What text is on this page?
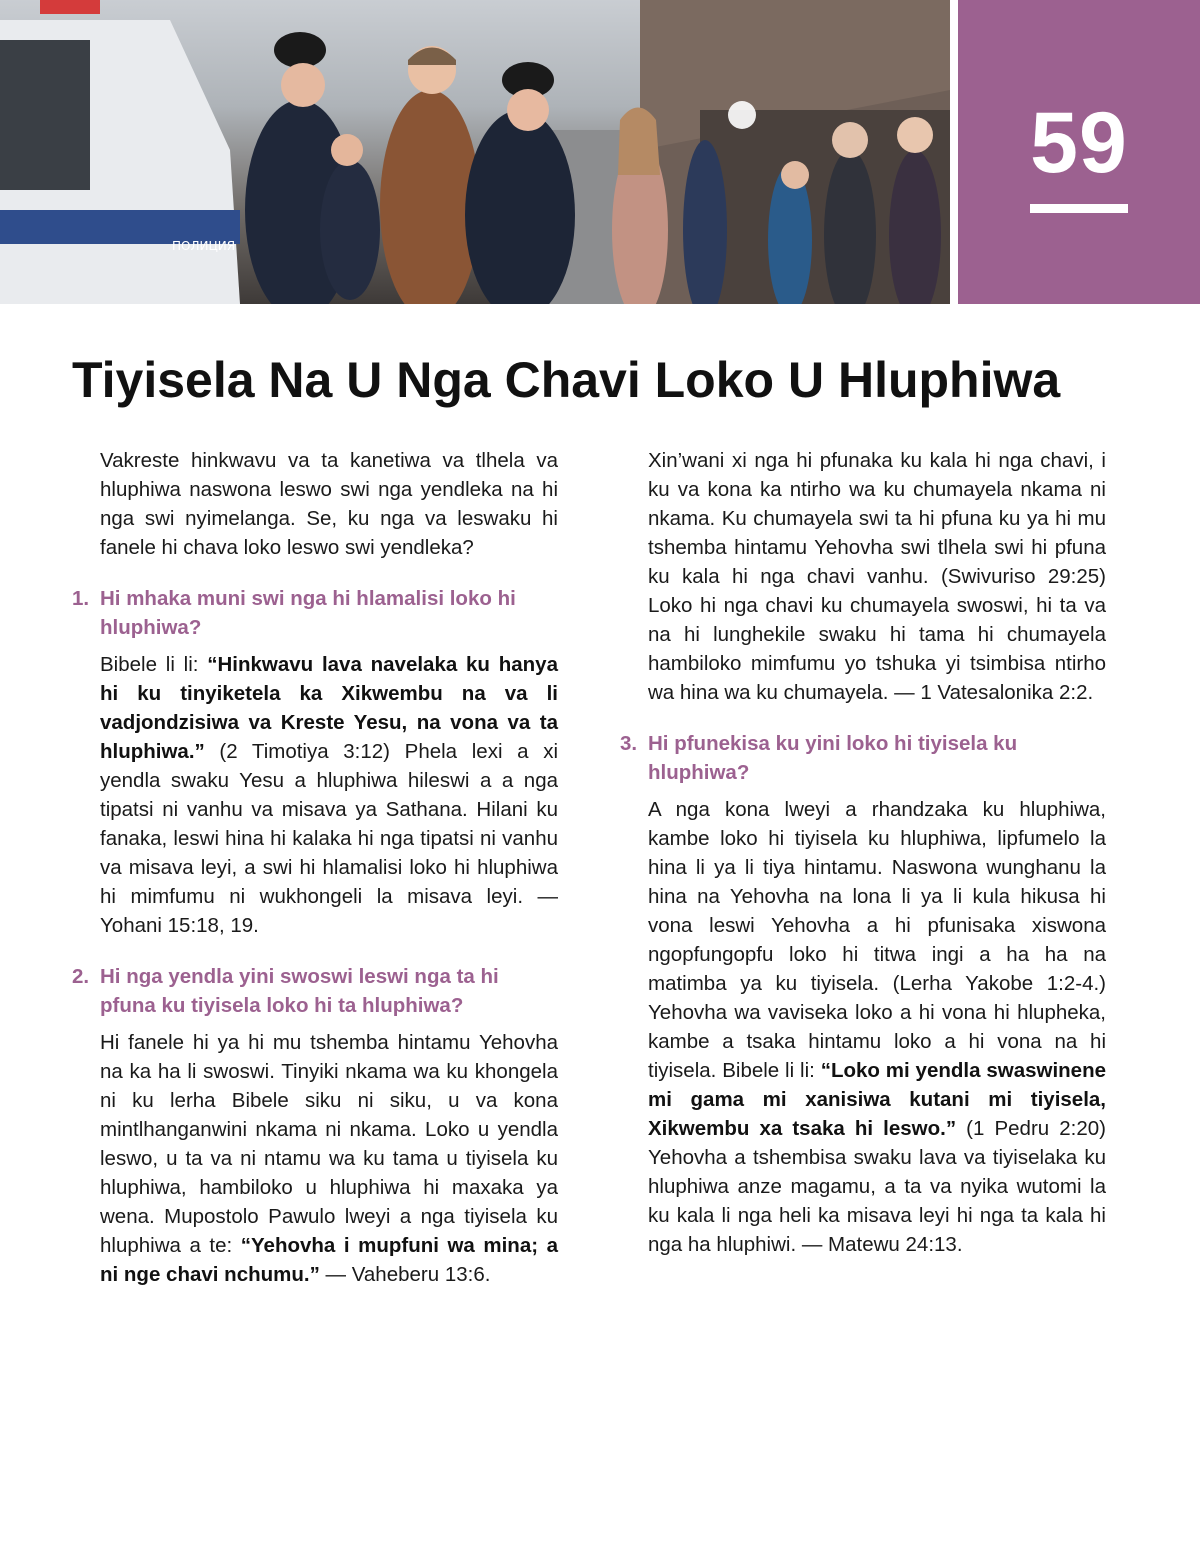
ПОЛИЦИЯ
59
Tiyisela Na U Nga Chavi Loko U Hluphiwa

Vakreste hinkwavu va ta kanetiwa va tlhela va hluphiwa naswona leswo swi nga yendleka na hi nga swi nyimelanga. Se, ku nga va leswaku hi fanele hi chava loko leswo swi yendleka?

1. Hi mhaka muni swi nga hi hlamalisi loko hi hluphiwa?

Bibele li li: “Hinkwavu lava navelaka ku hanya hi ku tinyiketela ka Xikwembu na va li vadjondzisiwa va Kreste Yesu, na vona va ta hluphiwa.” (2 Timotiya 3:12) Phela lexi a xi yendla swaku Yesu a hluphiwa hileswi a a nga tipatsi ni vanhu va misava ya Sathana. Hilani ku fanaka, leswi hina hi kalaka hi nga tipatsi ni vanhu va misava leyi, a swi hi hlamalisi loko hi hluphiwa hi mimfumu ni wukhongeli la misava leyi. — Yohani 15:18, 19.

2. Hi nga yendla yini swoswi leswi nga ta hi pfuna ku tiyisela loko hi ta hluphiwa?

Hi fanele hi ya hi mu tshemba hintamu Yehovha na ka ha li swoswi. Tinyiki nkama wa ku khongela ni ku lerha Bibele siku ni siku, u va kona mintlhanganwini nkama ni nkama. Loko u yendla leswo, u ta va ni ntamu wa ku tama u tiyisela ku hluphiwa, hambiloko u hluphiwa hi maxaka ya wena. Mupostolo Pawulo lweyi a nga tiyisela ku hluphiwa a te: “Yehovha i mupfuni wa mina; a ni nge chavi nchumu.” — Vaheberu 13:6.

Xin’wani xi nga hi pfunaka ku kala hi nga chavi, i ku va kona ka ntirho wa ku chumayela nkama ni nkama. Ku chumayela swi ta hi pfuna ku ya hi mu tshemba hintamu Yehovha swi tlhela swi hi pfuna ku kala hi nga chavi vanhu. (Swivuriso 29:25) Loko hi nga chavi ku chumayela swoswi, hi ta va na hi lunghekile swaku hi tama hi chumayela hambiloko mimfumu yo tshuka yi tsimbisa ntirho wa hina wa ku chumayela. — 1 Vatesalonika 2:2.

3. Hi pfunekisa ku yini loko hi tiyisela ku hluphiwa?

A nga kona lweyi a rhandzaka ku hluphiwa, kambe loko hi tiyisela ku hluphiwa, lipfumelo la hina li ya li tiya hintamu. Naswona wunghanu la hina na Yehovha na lona li ya li kula hikusa hi vona leswi Yehovha a hi pfunisaka xiswona ngopfungopfu loko hi titwa ingi a ha ha na matimba ya ku tiyisela. (Lerha Yakobe 1:2-4.) Yehovha wa vaviseka loko a hi vona hi hlupheka, kambe a tsaka hintamu loko a hi vona na hi tiyisela. Bibele li li: “Loko mi yendla swaswinene mi gama mi xanisiwa kutani mi tiyisela, Xikwembu xa tsaka hi leswo.” (1 Pedru 2:20) Yehovha a tshembisa swaku lava va tiyiselaka ku hluphiwa anze magamu, a ta va nyika wutomi la ku kala li nga heli ka misava leyi hi nga ta kala hi nga ha hluphiwi. — Matewu 24:13.
